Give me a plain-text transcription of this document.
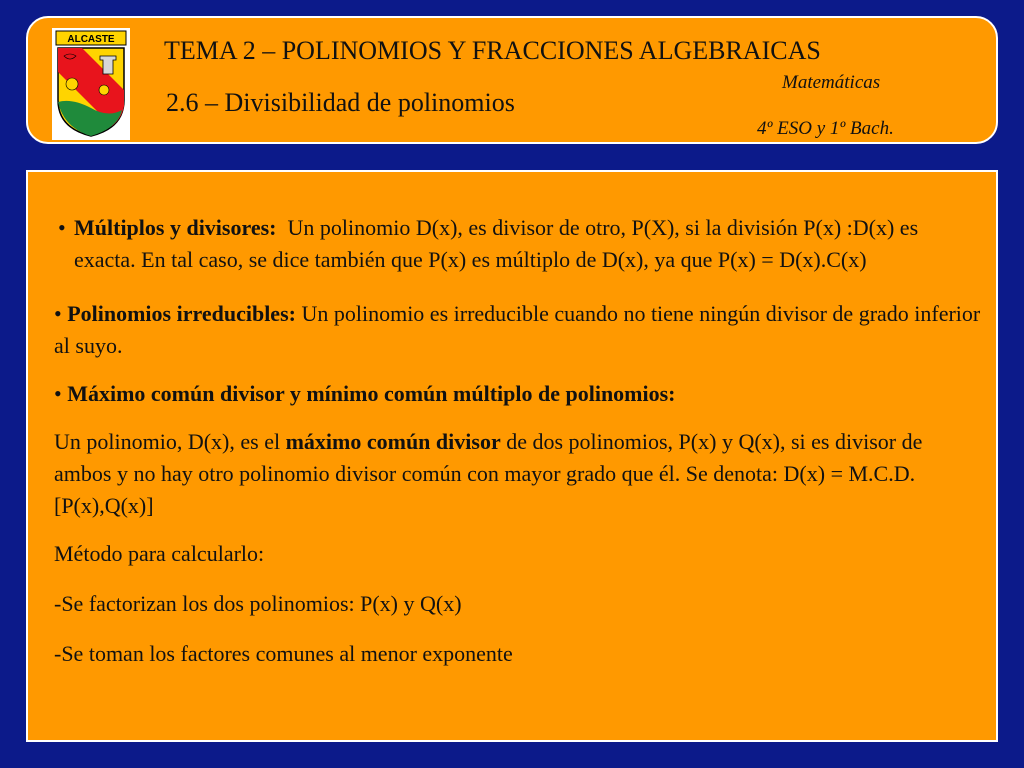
ALCASTE TEMA 2 – POLINOMIOS Y FRACCIONES ALGEBRAICAS
2.6 – Divisibilidad de polinomios
Matemáticas
4º ESO y 1º Bach.

• Múltiplos y divisores: Un polinomio D(x), es divisor de otro, P(X), si la división P(x) :D(x) es exacta. En tal caso, se dice también que P(x) es múltiplo de D(x), ya que P(x) = D(x).C(x)

• Polinomios irreducibles: Un polinomio es irreducible cuando no tiene ningún divisor de grado inferior al suyo.

• Máximo común divisor y mínimo común múltiplo de polinomios:

Un polinomio, D(x), es el máximo común divisor de dos polinomios, P(x) y Q(x), si es divisor de ambos y no hay otro polinomio divisor común con mayor grado que él. Se denota: D(x) = M.C.D. [P(x),Q(x)]

Método para calcularlo:

-Se factorizan los dos polinomios: P(x) y Q(x)

-Se toman los factores comunes al menor exponente
